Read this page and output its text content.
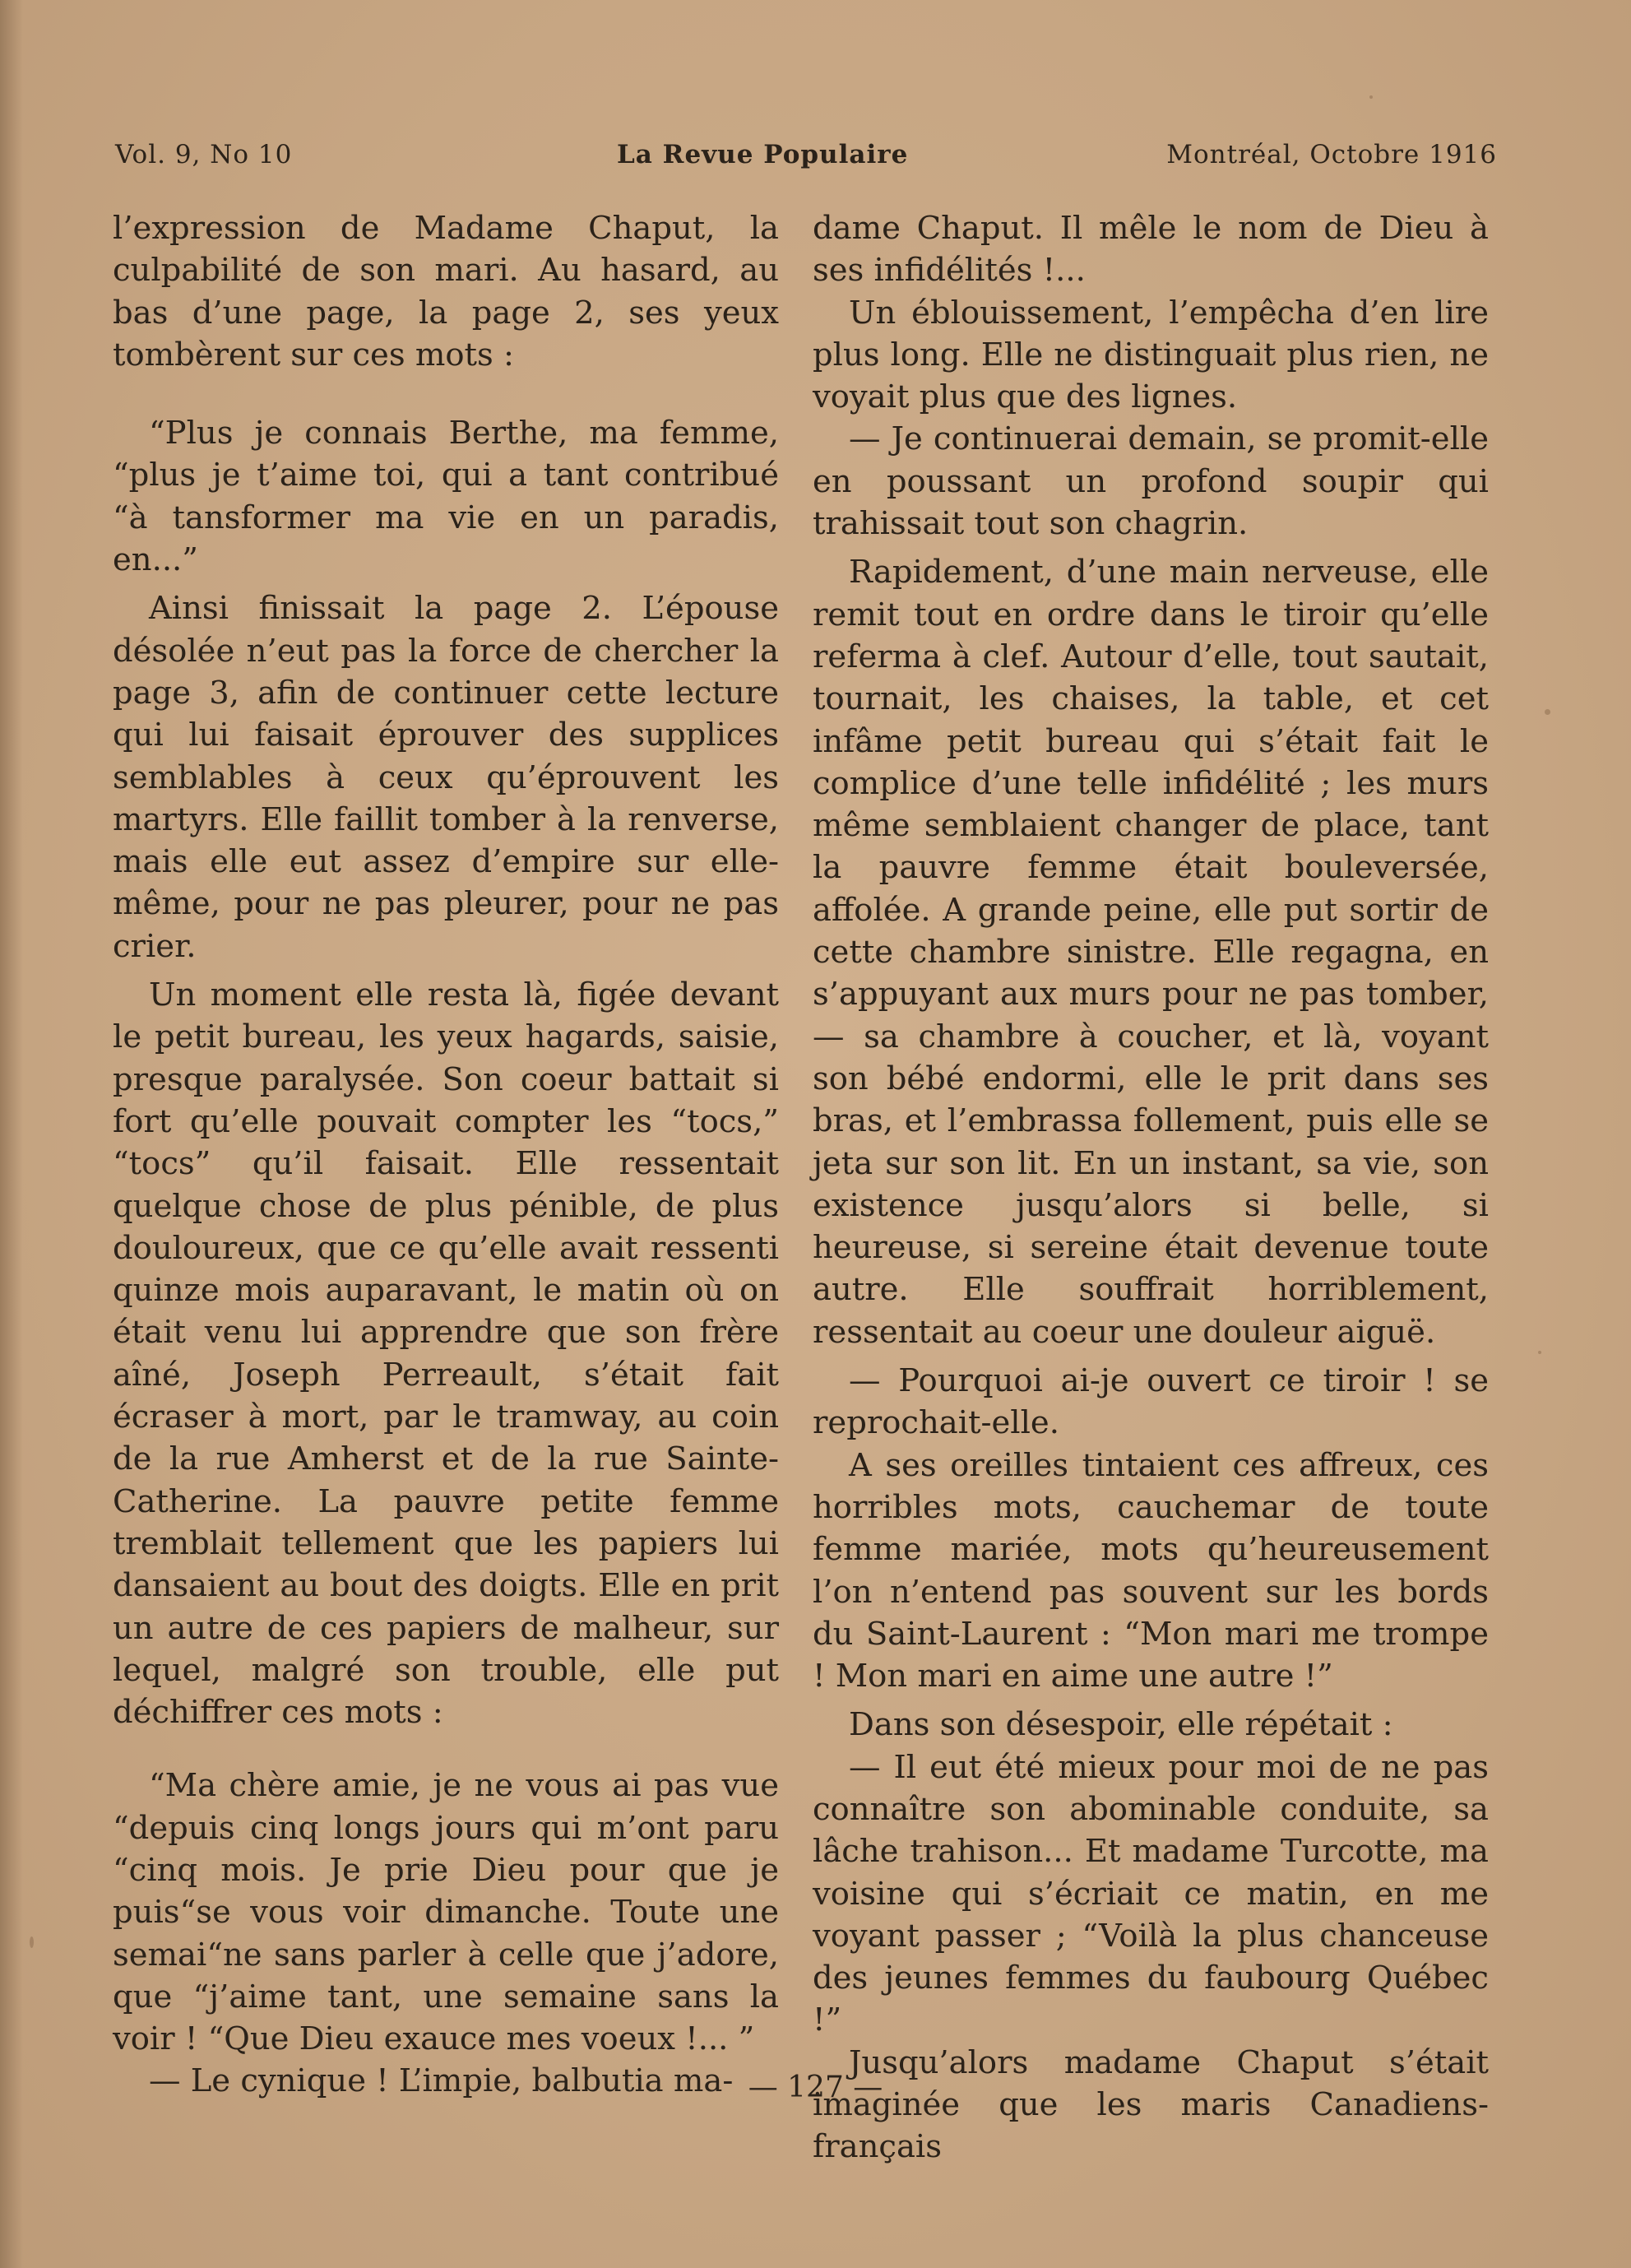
Vol. 9, No 10	La Revue Populaire	Montréal, Octobre 1916

l’expression de Madame Chaput, la culpabilité de son mari. Au hasard, au bas d’une page, la page 2, ses yeux tombèrent sur ces mots :

“Plus je connais Berthe, ma femme, “plus je t’aime toi, qui a tant contribué “à tansformer ma vie en un paradis, en...”

Ainsi finissait la page 2. L’épouse désolée n’eut pas la force de chercher la page 3, afin de continuer cette lecture qui lui faisait éprouver des supplices semblables à ceux qu’éprouvent les martyrs. Elle faillit tomber à la renverse, mais elle eut assez d’empire sur elle-même, pour ne pas pleurer, pour ne pas crier.

Un moment elle resta là, figée devant le petit bureau, les yeux hagards, saisie, presque paralysée. Son coeur battait si fort qu’elle pouvait compter les “tocs,” “tocs” qu’il faisait. Elle ressentait quelque chose de plus pénible, de plus douloureux, que ce qu’elle avait ressenti quinze mois auparavant, le matin où on était venu lui apprendre que son frère aîné, Joseph Perreault, s’était fait écraser à mort, par le tramway, au coin de la rue Amherst et de la rue Sainte-Catherine. La pauvre petite femme tremblait tellement que les papiers lui dansaient au bout des doigts. Elle en prit un autre de ces papiers de malheur, sur lequel, malgré son trouble, elle put déchiffrer ces mots :

“Ma chère amie, je ne vous ai pas vue “depuis cinq longs jours qui m’ont paru “cinq mois. Je prie Dieu pour que je puis“se vous voir dimanche. Toute une semai“ne sans parler à celle que j’adore, que “j’aime tant, une semaine sans la voir ! “Que Dieu exauce mes voeux !... ”

— Le cynique ! L’impie, balbutia ma-

dame Chaput. Il mêle le nom de Dieu à ses infidélités !...

Un éblouissement, l’empêcha d’en lire plus long. Elle ne distinguait plus rien, ne voyait plus que des lignes.

— Je continuerai demain, se promit-elle en poussant un profond soupir qui trahissait tout son chagrin.

Rapidement, d’une main nerveuse, elle remit tout en ordre dans le tiroir qu’elle referma à clef. Autour d’elle, tout sautait, tournait, les chaises, la table, et cet infâme petit bureau qui s’était fait le complice d’une telle infidélité ; les murs même semblaient changer de place, tant la pauvre femme était bouleversée, affolée. A grande peine, elle put sortir de cette chambre sinistre. Elle regagna, en s’appuyant aux murs pour ne pas tomber, — sa chambre à coucher, et là, voyant son bébé endormi, elle le prit dans ses bras, et l’embrassa follement, puis elle se jeta sur son lit. En un instant, sa vie, son existence jusqu’alors si belle, si heureuse, si sereine était devenue toute autre. Elle souffrait horriblement, ressentait au coeur une douleur aiguë.

— Pourquoi ai-je ouvert ce tiroir ! se reprochait-elle.

A ses oreilles tintaient ces affreux, ces horribles mots, cauchemar de toute femme mariée, mots qu’heureusement l’on n’entend pas souvent sur les bords du Saint-Laurent : “Mon mari me trompe ! Mon mari en aime une autre !”

Dans son désespoir, elle répétait :

— Il eut été mieux pour moi de ne pas connaître son abominable conduite, sa lâche trahison... Et madame Turcotte, ma voisine qui s’écriait ce matin, en me voyant passer ; “Voilà la plus chanceuse des jeunes femmes du faubourg Québec !”

Jusqu’alors madame Chaput s’était imaginée que les maris Canadiens-français

— 127 —
